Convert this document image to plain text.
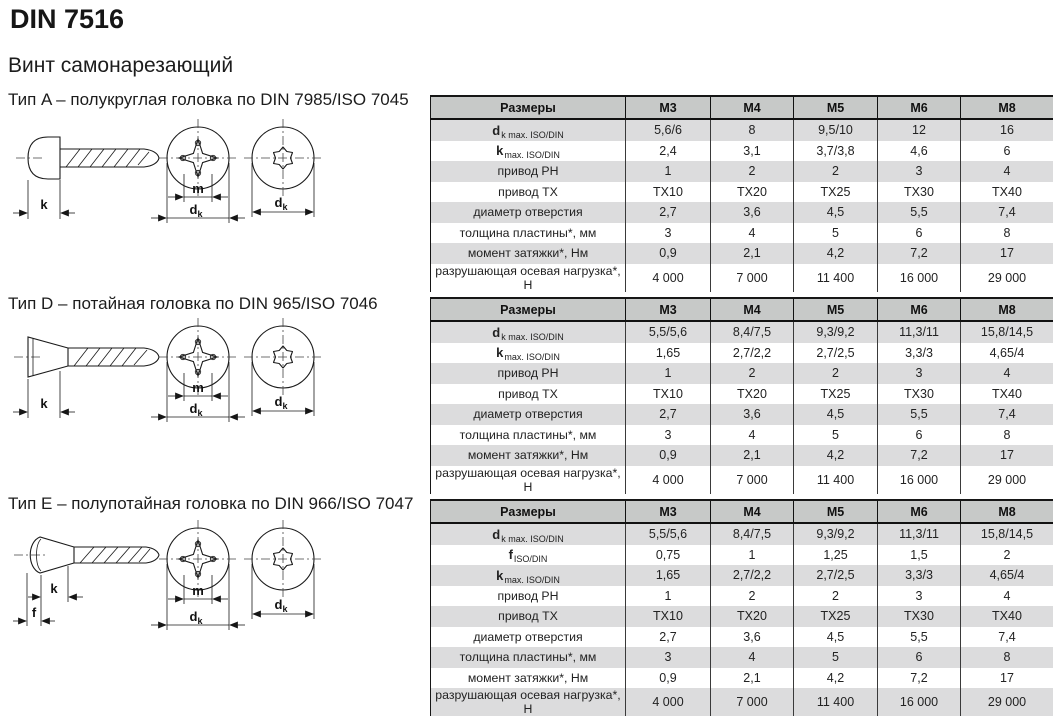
DIN 7516
Винт самонарезающий
Тип A – полукруглая головка по DIN 7985/ISO 7045
Тип D – потайная головка по DIN 965/ISO 7046
Тип E – полупотайная головка по DIN 966/ISO 7047
k
m
$d_k$
$d_k$
k
m
$d_k$
$d_k$
k
f
m
$d_k$
$d_k$
Размеры	M3	M4	M5	M6	M8
$d_{k max. ISO/DIN}$	5,6/6	8	9,5/10	12	16
$k_{max. ISO/DIN}$	2,4	3,1	3,7/3,8	4,6	6
привод PH	1	2	2	3	4
привод TX	TX10	TX20	TX25	TX30	TX40
диаметр отверстия	2,7	3,6	4,5	5,5	7,4
толщина пластины*, мм	3	4	5	6	8
момент затяжки*, Нм	0,9	2,1	4,2	7,2	17
разрушающая осевая нагрузка*, Н	4 000	7 000	11 400	16 000	29 000
Размеры	M3	M4	M5	M6	M8
$d_{k max. ISO/DIN}$	5,5/5,6	8,4/7,5	9,3/9,2	11,3/11	15,8/14,5
$k_{max. ISO/DIN}$	1,65	2,7/2,2	2,7/2,5	3,3/3	4,65/4
привод PH	1	2	2	3	4
привод TX	TX10	TX20	TX25	TX30	TX40
диаметр отверстия	2,7	3,6	4,5	5,5	7,4
толщина пластины*, мм	3	4	5	6	8
момент затяжки*, Нм	0,9	2,1	4,2	7,2	17
разрушающая осевая нагрузка*, Н	4 000	7 000	11 400	16 000	29 000
Размеры	M3	M4	M5	M6	M8
$d_{k max. ISO/DIN}$	5,5/5,6	8,4/7,5	9,3/9,2	11,3/11	15,8/14,5
$f_{ISO/DIN}$	0,75	1	1,25	1,5	2
$k_{max. ISO/DIN}$	1,65	2,7/2,2	2,7/2,5	3,3/3	4,65/4
привод PH	1	2	2	3	4
привод TX	TX10	TX20	TX25	TX30	TX40
диаметр отверстия	2,7	3,6	4,5	5,5	7,4
толщина пластины*, мм	3	4	5	6	8
момент затяжки*, Нм	0,9	2,1	4,2	7,2	17
разрушающая осевая нагрузка*, Н	4 000	7 000	11 400	16 000	29 000
